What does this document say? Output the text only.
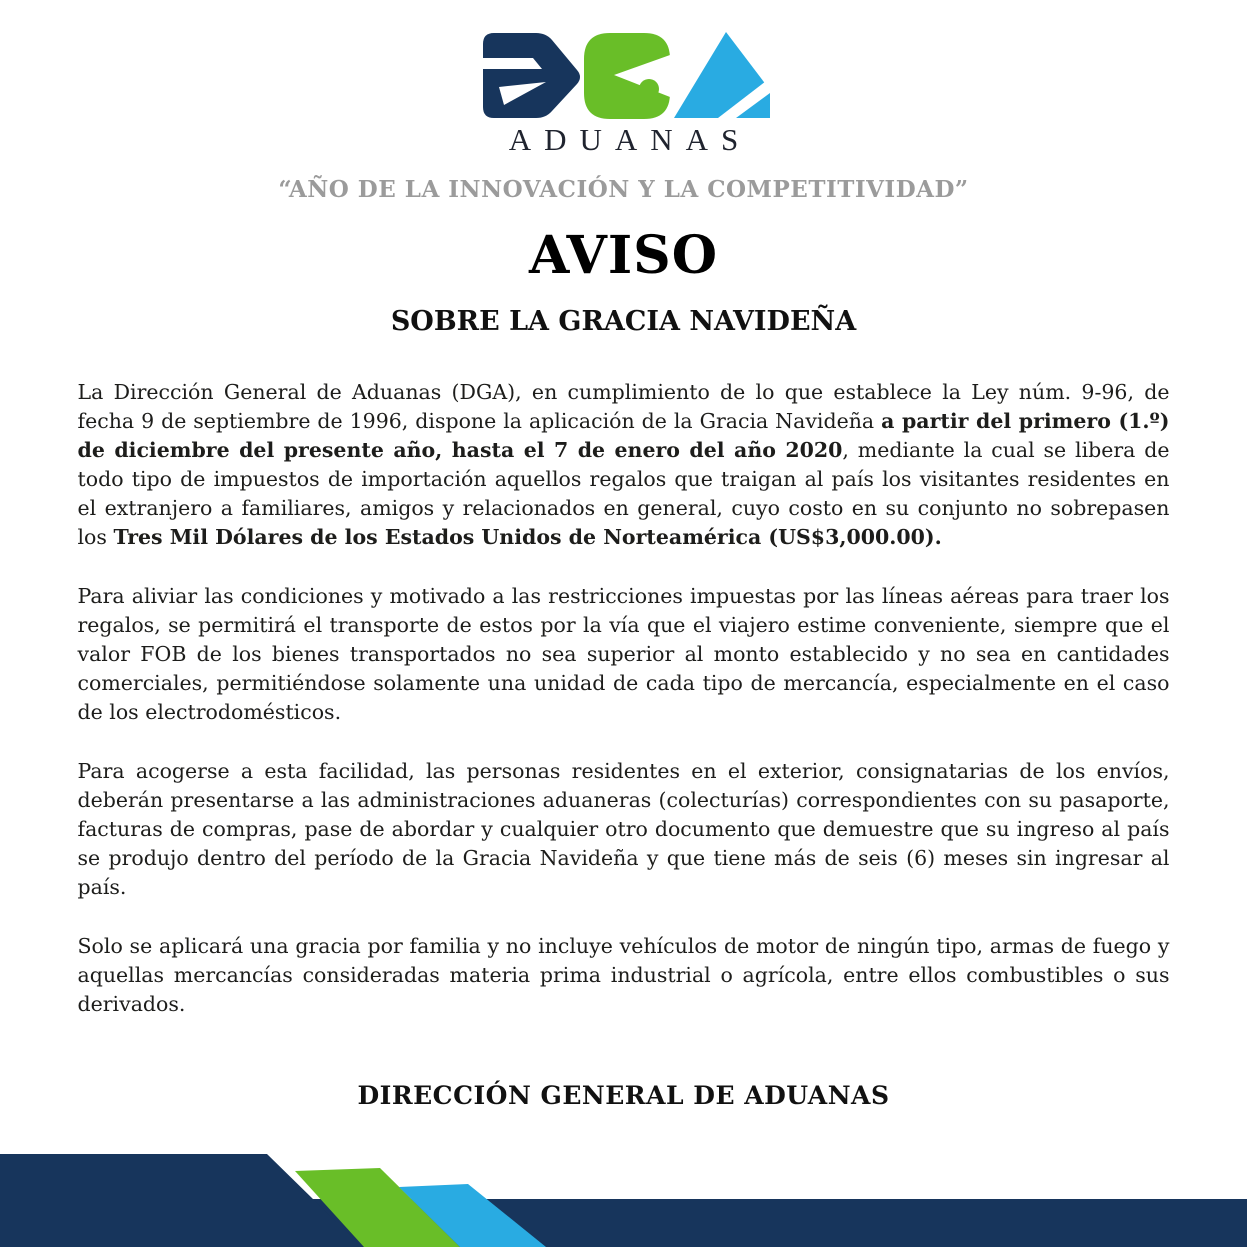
ADUANAS
“AÑO DE LA INNOVACIÓN Y LA COMPETITIVIDAD”
AVISO
SOBRE LA GRACIA NAVIDEÑA

La Dirección General de Aduanas (DGA), en cumplimiento de lo que establece la Ley núm. 9-96, de fecha 9 de septiembre de 1996, dispone la aplicación de la Gracia Navideña a partir del primero (1.º) de diciembre del presente año, hasta el 7 de enero del año 2020, mediante la cual se libera de todo tipo de impuestos de importación aquellos regalos que traigan al país los visitantes residentes en el extranjero a familiares, amigos y relacionados en general, cuyo costo en su conjunto no sobrepasen los Tres Mil Dólares de los Estados Unidos de Norteamérica (US$3,000.00).

Para aliviar las condiciones y motivado a las restricciones impuestas por las líneas aéreas para traer los regalos, se permitirá el transporte de estos por la vía que el viajero estime conveniente, siempre que el valor FOB de los bienes transportados no sea superior al monto establecido y no sea en cantidades comerciales, permitiéndose solamente una unidad de cada tipo de mercancía, especialmente en el caso de los electrodomésticos.

Para acogerse a esta facilidad, las personas residentes en el exterior, consignatarias de los envíos, deberán presentarse a las administraciones aduaneras (colecturías) correspondientes con su pasaporte, facturas de compras, pase de abordar y cualquier otro documento que demuestre que su ingreso al país se produjo dentro del período de la Gracia Navideña y que tiene más de seis (6) meses sin ingresar al país.

Solo se aplicará una gracia por familia y no incluye vehículos de motor de ningún tipo, armas de fuego y aquellas mercancías consideradas materia prima industrial o agrícola, entre ellos combustibles o sus derivados.

DIRECCIÓN GENERAL DE ADUANAS
